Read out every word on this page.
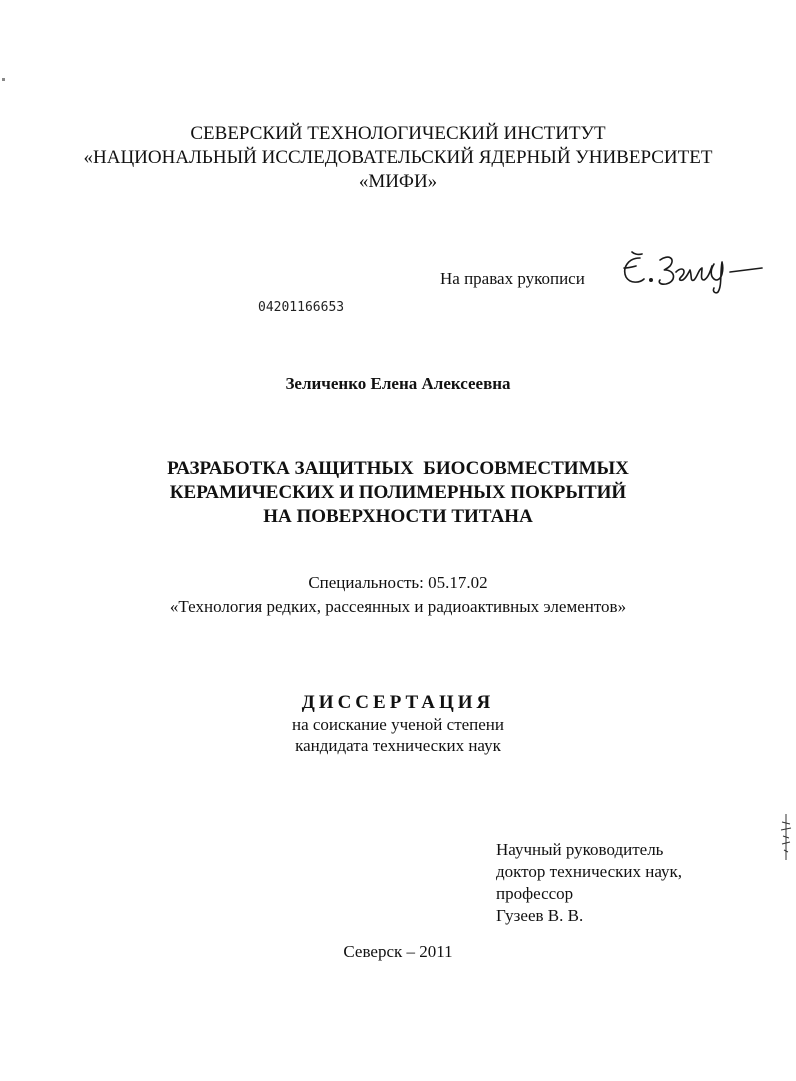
СЕВЕРСКИЙ ТЕХНОЛОГИЧЕСКИЙ ИНСТИТУТ
«НАЦИОНАЛЬНЫЙ ИССЛЕДОВАТЕЛЬСКИЙ ЯДЕРНЫЙ УНИВЕРСИТЕТ
«МИФИ»
На правах рукописи
04201166653
Зеличенко Елена Алексеевна
РАЗРАБОТКА ЗАЩИТНЫХ  БИОСОВМЕСТИМЫХ
КЕРАМИЧЕСКИХ И ПОЛИМЕРНЫХ ПОКРЫТИЙ
НА ПОВЕРХНОСТИ ТИТАНА
Специальность: 05.17.02
«Технология редких, рассеянных и радиоактивных элементов»
ДИССЕРТАЦИЯ
на соискание ученой степени
кандидата технических наук
Научный руководитель
доктор технических наук,
профессор
Гузеев В. В.
Северск – 2011
